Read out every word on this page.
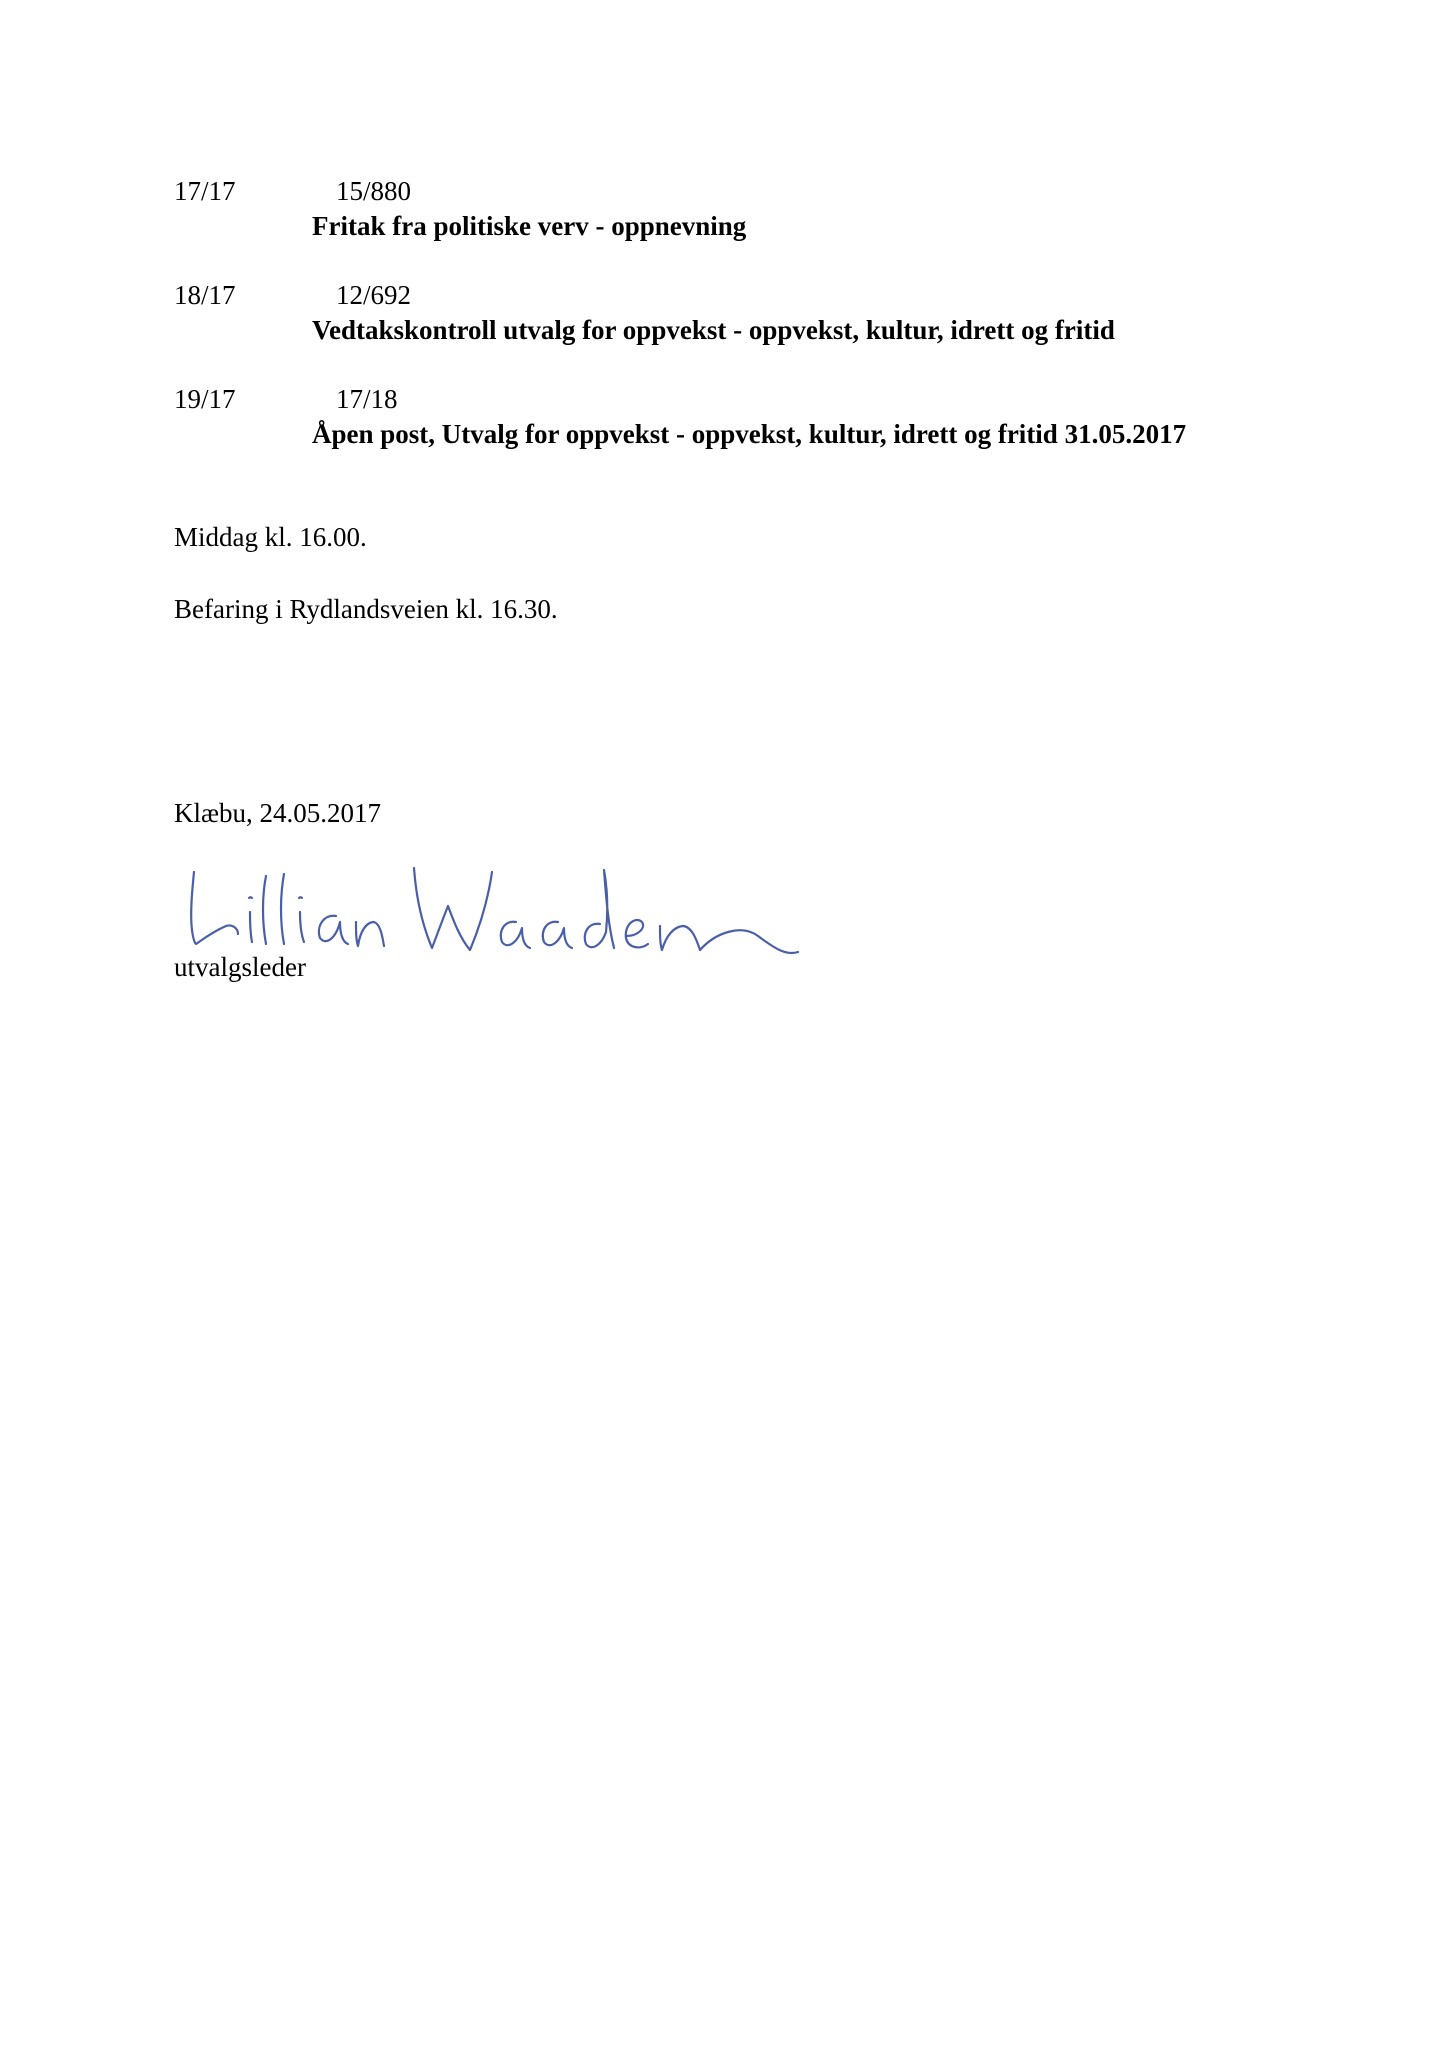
17/17	15/880
Fritak fra politiske verv - oppnevning
18/17	12/692
Vedtakskontroll utvalg for oppvekst - oppvekst, kultur, idrett og fritid
19/17	17/18
Åpen post, Utvalg for oppvekst - oppvekst, kultur, idrett og fritid 31.05.2017
Middag kl. 16.00.
Befaring i Rydlandsveien kl. 16.30.
Klæbu, 24.05.2017
utvalgsleder
